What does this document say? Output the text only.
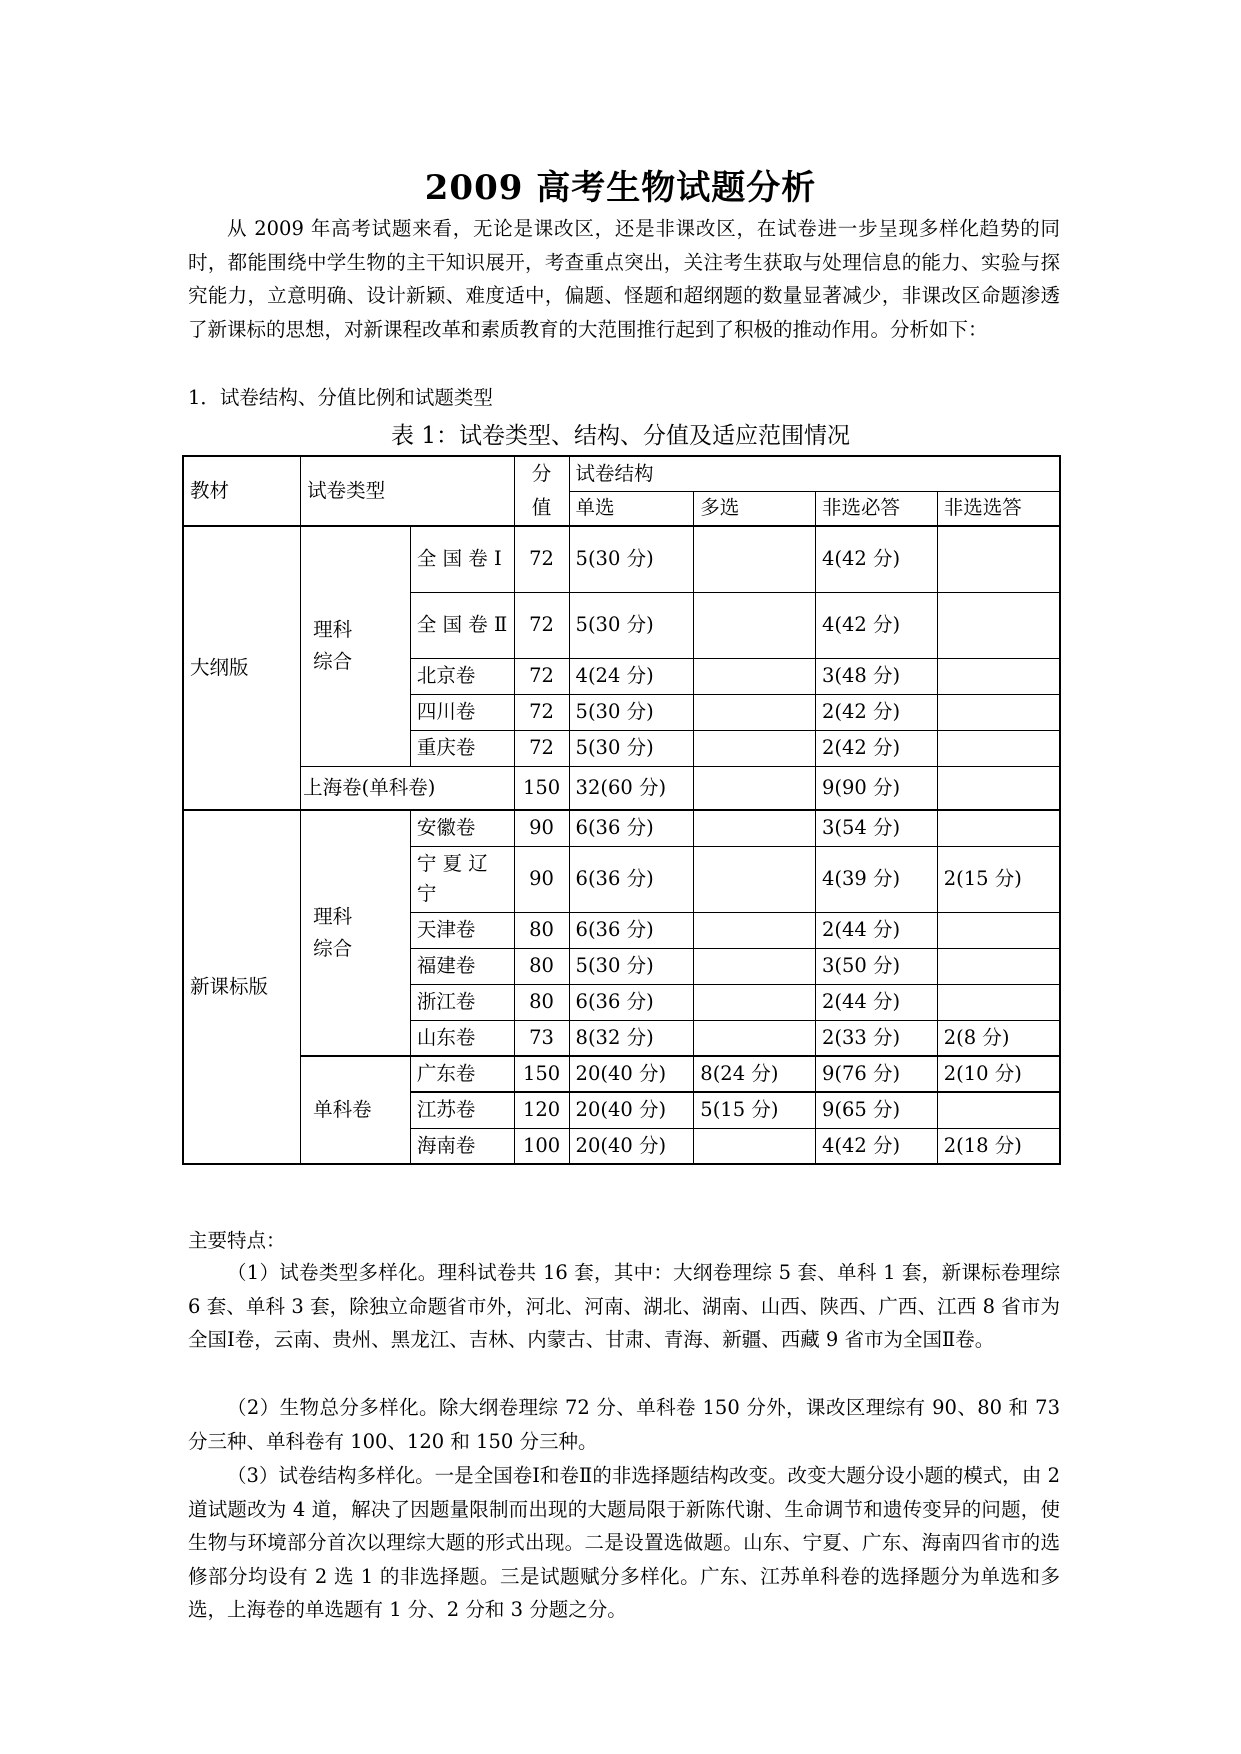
2009 高考生物试题分析

从 2009 年高考试题来看，无论是课改区，还是非课改区，在试卷进一步呈现多样化趋势的同时，都能围绕中学生物的主干知识展开，考查重点突出，关注考生获取与处理信息的能力、实验与探究能力，立意明确、设计新颖、难度适中，偏题、怪题和超纲题的数量显著减少，非课改区命题渗透了新课标的思想，对新课程改革和素质教育的大范围推行起到了积极的推动作用。分析如下：

1．试卷结构、分值比例和试题类型
表 1：试卷类型、结构、分值及适应范围情况
教材	试卷类型		分值	试卷结构			
				单选	多选	非选必答	非选选答
大纲版	理科综合	全 国 卷 Ⅰ	72	5(30 分)		4(42 分)	
		全 国 卷 Ⅱ	72	5(30 分)		4(42 分)	
		北京卷	72	4(24 分)		3(48 分)	
		四川卷	72	5(30 分)		2(42 分)	
		重庆卷	72	5(30 分)		2(42 分)	
	上海卷(单科卷)		150	32(60 分)		9(90 分)	
新课标版	理科综合	安徽卷	90	6(36 分)		3(54 分)	
		宁 夏 辽 宁	90	6(36 分)		4(39 分)	2(15 分)
		天津卷	80	6(36 分)		2(44 分)	
		福建卷	80	5(30 分)		3(50 分)	
		浙江卷	80	6(36 分)		2(44 分)	
		山东卷	73	8(32 分)		2(33 分)	2(8 分)
	单科卷	广东卷	150	20(40 分)	8(24 分)	9(76 分)	2(10 分)
		江苏卷	120	20(40 分)	5(15 分)	9(65 分)	
		海南卷	100	20(40 分)		4(42 分)	2(18 分)
主要特点：

（1）试卷类型多样化。理科试卷共 16 套，其中：大纲卷理综 5 套、单科 1 套，新课标卷理综 6 套、单科 3 套，除独立命题省市外，河北、河南、湖北、湖南、山西、陕西、广西、江西 8 省市为全国Ⅰ卷，云南、贵州、黑龙江、吉林、内蒙古、甘肃、青海、新疆、西藏 9 省市为全国Ⅱ卷。

（2）生物总分多样化。除大纲卷理综 72 分、单科卷 150 分外，课改区理综有 90、80 和 73 分三种、单科卷有 100、120 和 150 分三种。

（3）试卷结构多样化。一是全国卷Ⅰ和卷Ⅱ的非选择题结构改变。改变大题分设小题的模式，由 2 道试题改为 4 道，解决了因题量限制而出现的大题局限于新陈代谢、生命调节和遗传变异的问题，使生物与环境部分首次以理综大题的形式出现。二是设置选做题。山东、宁夏、广东、海南四省市的选修部分均设有 2 选 1 的非选择题。三是试题赋分多样化。广东、江苏单科卷的选择题分为单选和多选，上海卷的单选题有 1 分、2 分和 3 分题之分。
